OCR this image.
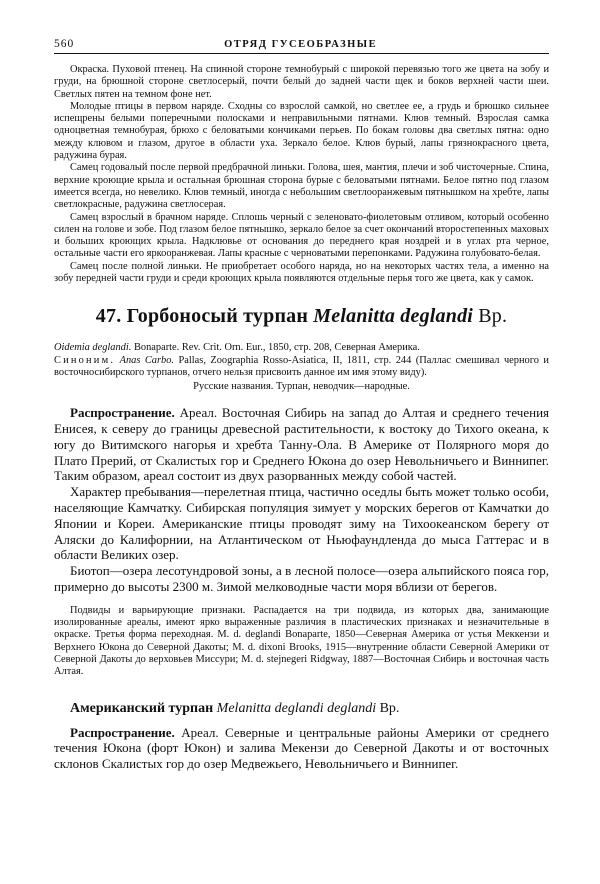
560	ОТРЯД ГУСЕОБРАЗНЫЕ

Окраска. Пуховой птенец. На спинной стороне темнобурый с широкой перевязью того же цвета на зобу и груди, на брюшной стороне светлосерый, почти белый до задней части щек и боков верхней части шеи. Светлых пятен на темном фоне нет.

Молодые птицы в первом наряде. Сходны со взрослой самкой, но светлее ее, а грудь и брюшко сильнее испещрены белыми поперечными полосками и неправильными пятнами. Клюв темный. Взрослая самка одноцветная темнобурая, брюхо с беловатыми кончиками перьев. По бокам головы два светлых пятна: одно между клювом и глазом, другое в области уха. Зеркало белое. Клюв бурый, лапы грязнокрасного цвета, радужина бурая.

Самец годовалый после первой предбрачной линьки. Голова, шея, мантия, плечи и зоб чисточерные. Спина, верхние кроющие крыла и остальная брюшная сторона бурые с беловатыми пятнами. Белое пятно под глазом имеется всегда, но невелико. Клюв темный, иногда с небольшим светлооранжевым пятнышком на хребте, лапы светлокрасные, радужина светлосерая.

Самец взрослый в брачном наряде. Сплошь черный с зеленовато-фиолетовым отливом, который особенно силен на голове и зобе. Под глазом белое пятнышко, зеркало белое за счет окончаний второстепенных маховых и больших кроющих крыла. Надклювье от основания до переднего края ноздрей и в углах рта черное, остальные части его яркооранжевая. Лапы красные с черноватыми перепонками. Радужина голубовато-белая.

Самец после полной линьки. Не приобретает особого наряда, но на некоторых частях тела, а именно на зобу передней части груди и среди кроющих крыла появляются отдельные перья того же цвета, как у самок.

47. Горбоносый турпан Melanitta deglandi Bp.

Oidemia deglandi. Bonaparte. Rev. Crit. Orn. Eur., 1850, стр. 208, Северная Америка.

Синоним. Anas Carbo. Pallas, Zoographia Rosso-Asiatica, II, 1811, стр. 244 (Паллас смешивал черного и восточносибирского турпанов, отчего нельзя присвоить данное им имя этому виду).

Русские названия. Турпан, неводчик—народные.

Распространение. Ареал. Восточная Сибирь на запад до Алтая и среднего течения Енисея, к северу до границы древесной растительности, к востоку до Тихого океана, к югу до Витимского нагорья и хребта Танну-Ола. В Америке от Полярного моря до Плато Прерий, от Скалистых гор и Среднего Юкона до озер Невольничьего и Виннипег. Таким образом, ареал состоит из двух разорванных между собой частей.

Характер пребывания—перелетная птица, частично оседлы быть может только особи, населяющие Камчатку. Сибирская популяция зимует у морских берегов от Камчатки до Японии и Кореи. Американские птицы проводят зиму на Тихоокеанском берегу от Аляски до Калифорнии, на Атлантическом от Ньюфаундленда до мыса Гаттерас и в области Великих озер.

Биотоп—озера лесотундровой зоны, а в лесной полосе—озера альпийского пояса гор, примерно до высоты 2300 м. Зимой мелководные части моря вблизи от берегов.

Подвиды и варьирующие признаки. Распадается на три подвида, из которых два, занимающие изолированные ареалы, имеют ярко выраженные различия в пластических признаках и незначительные в окраске. Третья форма переходная. M. d. deglandi Bonaparte, 1850—Северная Америка от устья Меккензи и Верхнего Юкона до Северной Дакоты; M. d. dixoni Brooks, 1915—внутренние области Северной Америки от Северной Дакоты до верховьев Миссури; M. d. stejnegeri Ridgway, 1887—Восточная Сибирь и восточная часть Алтая.

Американский турпан Melanitta deglandi deglandi Bp.

Распространение. Ареал. Северные и центральные районы Америки от среднего течения Юкона (форт Юкон) и залива Мекензи до Северной Дакоты и от восточных склонов Скалистых гор до озер Медвежьего, Невольничьего и Виннипег.
